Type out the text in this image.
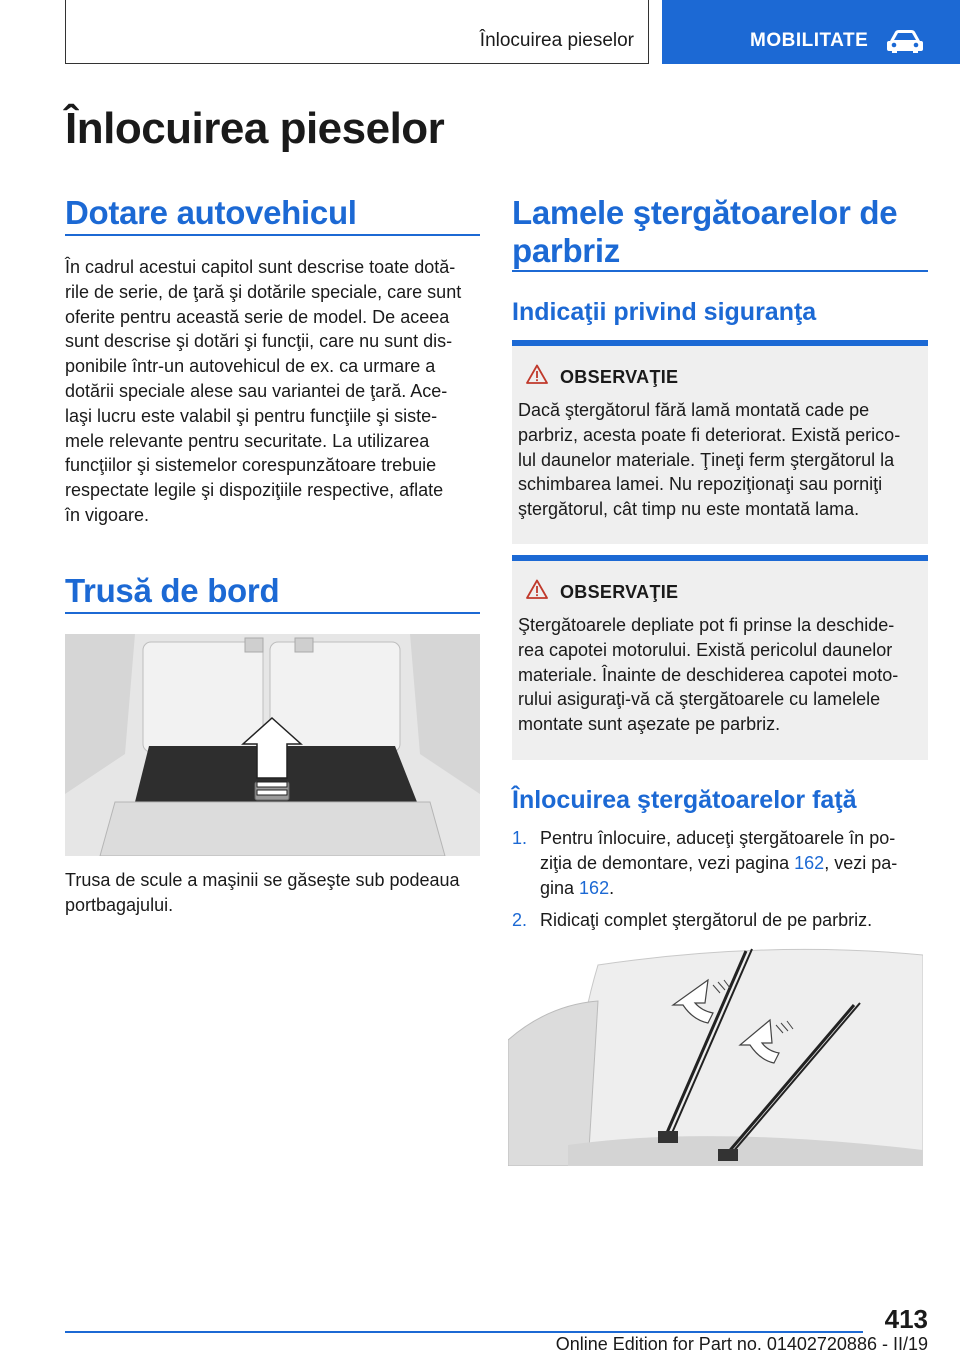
Înlocuirea pieselor	MOBILITATE
Înlocuirea pieselor
Dotare autovehicul
În cadrul acestui capitol sunt descrise toate dotă‐
rile de serie, de ţară şi dotările speciale, care sunt
oferite pentru această serie de model. De aceea
sunt descrise şi dotări şi funcţii, care nu sunt dis‐
ponibile într-un autovehicul de ex. ca urmare a
dotării speciale alese sau variantei de ţară. Ace‐
laşi lucru este valabil şi pentru funcţiile şi siste‐
mele relevante pentru securitate. La utilizarea
funcţiilor şi sistemelor corespunzătoare trebuie
respectate legile şi dispoziţiile respective, aflate
în vigoare.
Trusă de bord
Trusa de scule a maşinii se găseşte sub podeaua
portbagajului.
Lamele ştergătoarelor de
parbriz
Indicaţii privind siguranţa
OBSERVAŢIE
Dacă ştergătorul fără lamă montată cade pe
parbriz, acesta poate fi deteriorat. Există perico‐
lul daunelor materiale. Ţineţi ferm ştergătorul la
schimbarea lamei. Nu repoziţionaţi sau porniţi
ştergătorul, cât timp nu este montată lama.
OBSERVAŢIE
Ştergătoarele depliate pot fi prinse la deschide‐
rea capotei motorului. Există pericolul daunelor
materiale. Înainte de deschiderea capotei moto‐
rului asiguraţi-vă că ştergătoarele cu lamelele
montate sunt aşezate pe parbriz.
Înlocuirea ştergătoarelor faţă
1. Pentru înlocuire, aduceţi ştergătoarele în po‐
ziţia de demontare, vezi pagina 162, vezi pa‐
gina 162.
2. Ridicaţi complet ştergătorul de pe parbriz.
413
Online Edition for Part no. 01402720886 - II/19
